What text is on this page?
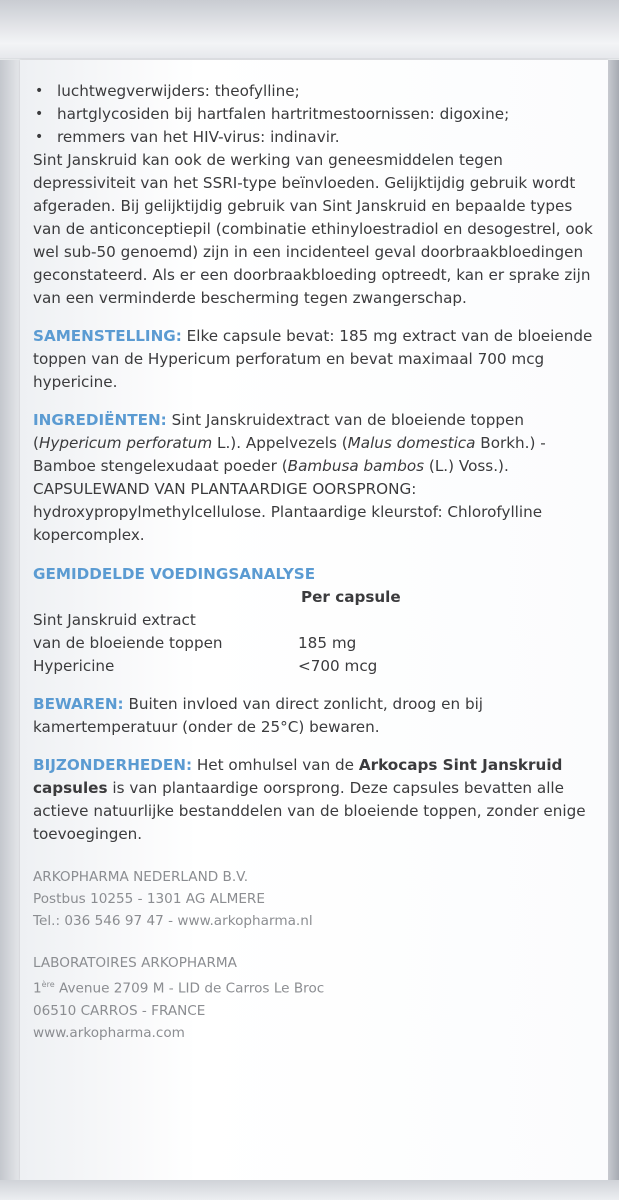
• luchtwegverwijders: theofylline;
• hartglycosiden bij hartfalen hartritmestoornissen: digoxine;
• remmers van het HIV-virus: indinavir.

Sint Janskruid kan ook de werking van geneesmiddelen tegen depressiviteit van het SSRI-type beïnvloeden. Gelijktijdig gebruik wordt afgeraden. Bij gelijktijdig gebruik van Sint Janskruid en bepaalde types van de anticonceptiepil (combinatie ethinyloestradiol en desogestrel, ook wel sub-50 genoemd) zijn in een incidenteel geval doorbraakbloedingen geconstateerd. Als er een doorbraakbloeding optreedt, kan er sprake zijn van een verminderde bescherming tegen zwangerschap.

SAMENSTELLING: Elke capsule bevat: 185 mg extract van de bloeiende toppen van de Hypericum perforatum en bevat maximaal 700 mcg hypericine.

INGREDIËNTEN: Sint Janskruidextract van de bloeiende toppen (Hypericum perforatum L.). Appelvezels (Malus domestica Borkh.) - Bamboe stengelexudaat poeder (Bambusa bambos (L.) Voss.). CAPSULEWAND VAN PLANTAARDIGE OORSPRONG: hydroxypropylmethylcellulose. Plantaardige kleurstof: Chlorofylline kopercomplex.

GEMIDDELDE VOEDINGSANALYSE

Per capsule	
Sint Janskruid extract	
van de bloeiende toppen	185 mg
Hypericine	<700 mcg

BEWAREN: Buiten invloed van direct zonlicht, droog en bij kamertemperatuur (onder de 25°C) bewaren.

BIJZONDERHEDEN: Het omhulsel van de Arkocaps Sint Janskruid capsules is van plantaardige oorsprong. Deze capsules bevatten alle actieve natuurlijke bestanddelen van de bloeiende toppen, zonder enige toevoegingen.

ARKOPHARMA NEDERLAND B.V.
Postbus 10255 - 1301 AG ALMERE
Tel.: 036 546 97 47 - www.arkopharma.nl
LABORATOIRES ARKOPHARMA
1ère Avenue 2709 M - LID de Carros Le Broc
06510 CARROS - FRANCE
www.arkopharma.com
